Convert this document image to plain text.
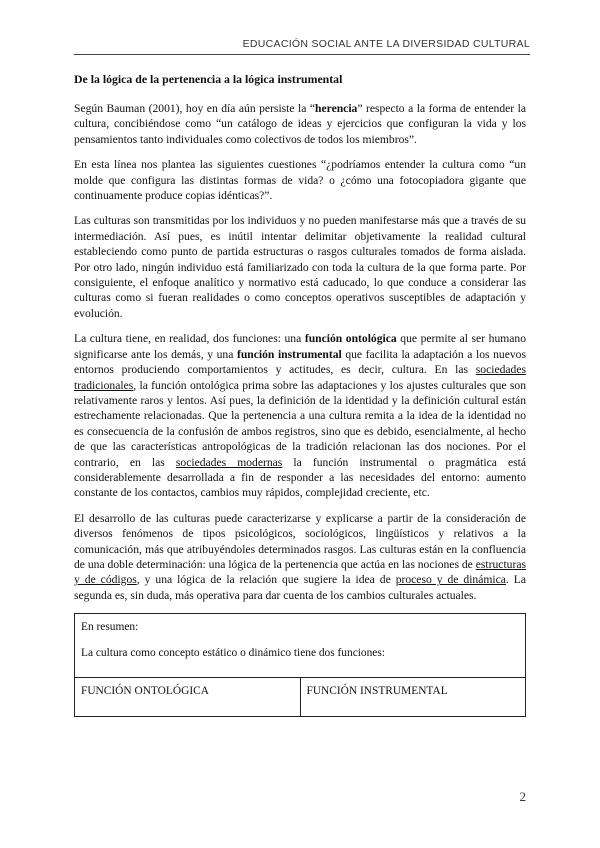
EDUCACIÓN SOCIAL ANTE LA DIVERSIDAD CULTURAL
De la lógica de la pertenencia a la lógica instrumental

Según Bauman (2001), hoy en día aún persiste la “herencia” respecto a la forma de entender la cultura, concibiéndose como “un catálogo de ideas y ejercicios que configuran la vida y los pensamientos tanto individuales como colectivos de todos los miembros”.

En esta línea nos plantea las siguientes cuestiones “¿podríamos entender la cultura como “un molde que configura las distintas formas de vida? o ¿cómo una fotocopiadora gigante que continuamente produce copias idénticas?”.

Las culturas son transmitidas por los individuos y no pueden manifestarse más que a través de su intermediación. Así pues, es inútil intentar delimitar objetivamente la realidad cultural estableciendo como punto de partida estructuras o rasgos culturales tomados de forma aislada. Por otro lado, ningún individuo está familiarizado con toda la cultura de la que forma parte. Por consiguiente, el enfoque analítico y normativo está caducado, lo que conduce a considerar las culturas como si fueran realidades o como conceptos operativos susceptibles de adaptación y evolución.

La cultura tiene, en realidad, dos funciones: una función ontológica que permite al ser humano significarse ante los demás, y una función instrumental que facilita la adaptación a los nuevos entornos produciendo comportamientos y actitudes, es decir, cultura. En las sociedades tradicionales, la función ontológica prima sobre las adaptaciones y los ajustes culturales que son relativamente raros y lentos. Así pues, la definición de la identidad y la definición cultural están estrechamente relacionadas. Que la pertenencia a una cultura remita a la idea de la identidad no es consecuencia de la confusión de ambos registros, sino que es debido, esencialmente, al hecho de que las características antropológicas de la tradición relacionan las dos nociones. Por el contrario, en las sociedades modernas la función instrumental o pragmática está considerablemente desarrollada a fin de responder a las necesidades del entorno: aumento constante de los contactos, cambios muy rápidos, complejidad creciente, etc.

El desarrollo de las culturas puede caracterizarse y explicarse a partir de la consideración de diversos fenómenos de tipos psicológicos, sociológicos, lingüísticos y relativos a la comunicación, más que atribuyéndoles determinados rasgos. Las culturas están en la confluencia de una doble determinación: una lógica de la pertenencia que actúa en las nociones de estructuras y de códigos, y una lógica de la relación que sugiere la idea de proceso y de dinámica. La segunda es, sin duda, más operativa para dar cuenta de los cambios culturales actuales.

En resumen:
La cultura como concepto estático o dinámico tiene dos funciones:

FUNCIÓN ONTOLÓGICA	FUNCIÓN INSTRUMENTAL
2
